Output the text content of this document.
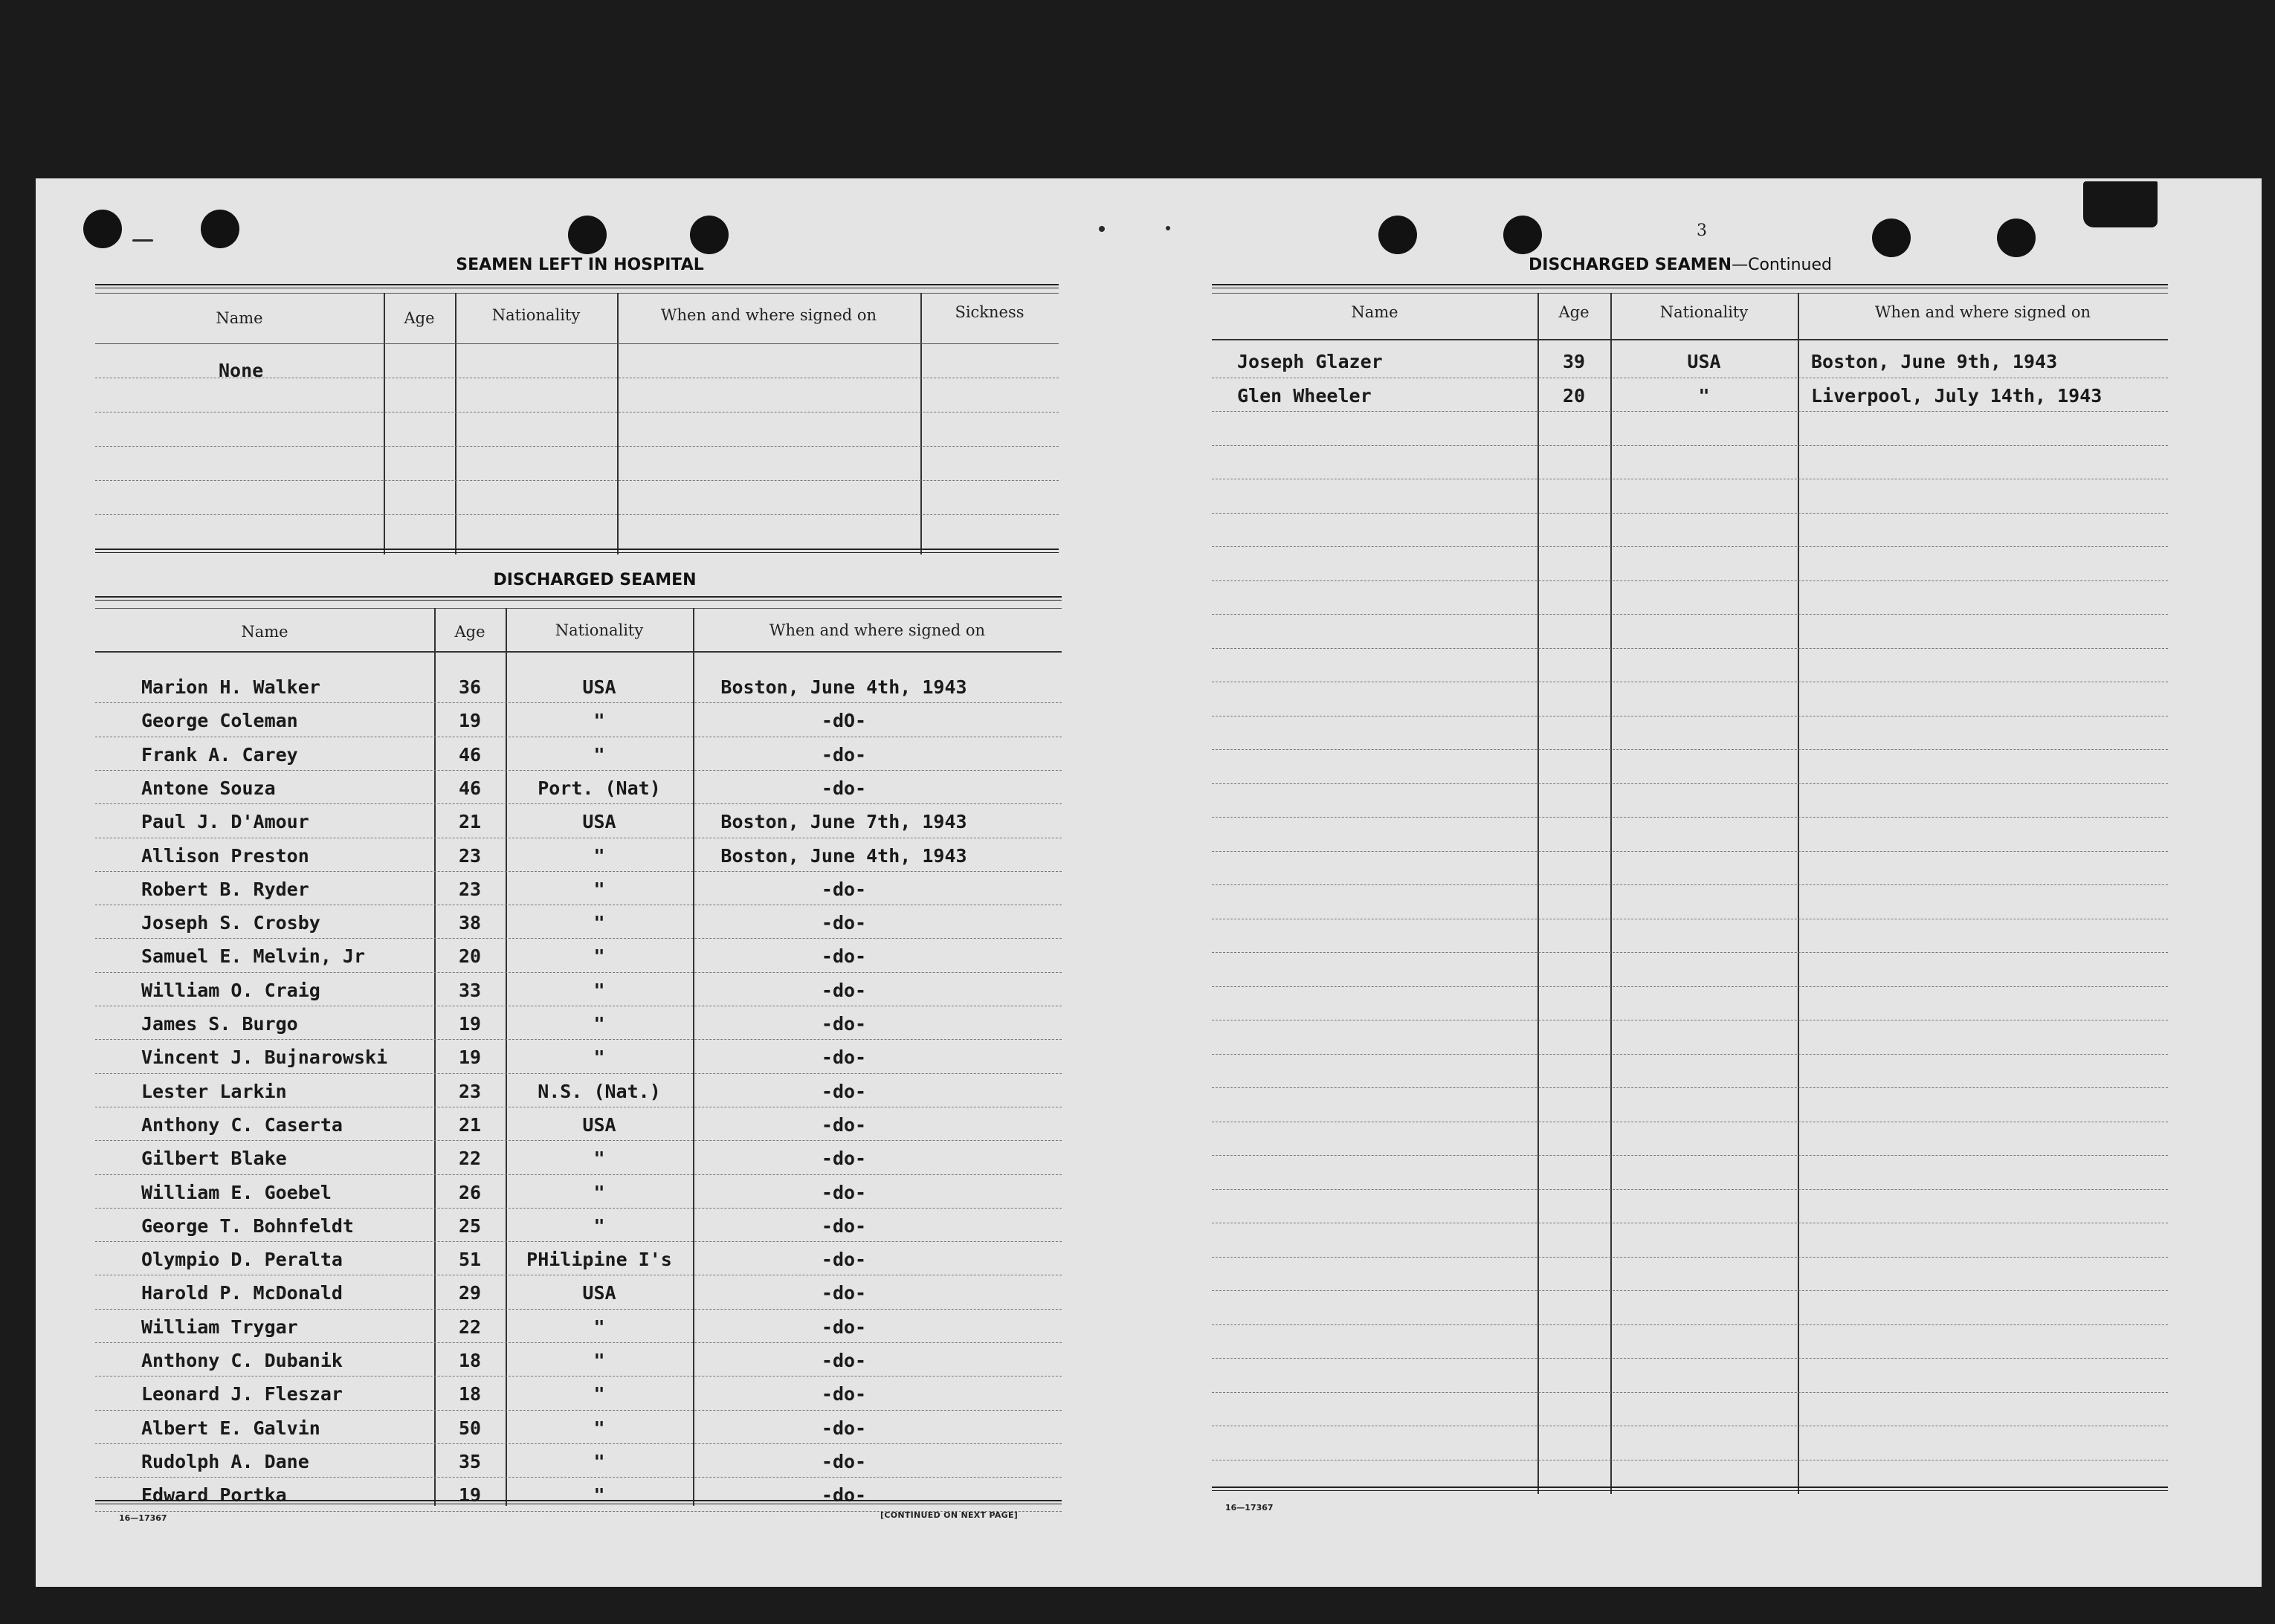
3
SEAMEN LEFT IN HOSPITAL
Name	Age	Nationality	When and where signed on	Sickness
None
DISCHARGED SEAMEN
Name	Age	Nationality	When and where signed on
Marion H. Walker	36	USA	Boston, June 4th, 1943
George Coleman	19	"	-dO-
Frank A. Carey	46	"	-do-
Antone Souza	46	Port. (Nat)	-do-
Paul J. D'Amour	21	USA	Boston, June 7th, 1943
Allison Preston	23	"	Boston, June 4th, 1943
Robert B. Ryder	23	"	-do-
Joseph S. Crosby	38	"	-do-
Samuel E. Melvin, Jr	20	"	-do-
William O. Craig	33	"	-do-
James S. Burgo	19	"	-do-
Vincent J. Bujnarowski	19	"	-do-
Lester Larkin	23	N.S. (Nat.)	-do-
Anthony C. Caserta	21	USA	-do-
Gilbert Blake	22	"	-do-
William E. Goebel	26	"	-do-
George T. Bohnfeldt	25	"	-do-
Olympio D. Peralta	51	PHilipine I's	-do-
Harold P. McDonald	29	USA	-do-
William Trygar	22	"	-do-
Anthony C. Dubanik	18	"	-do-
Leonard J. Fleszar	18	"	-do-
Albert E. Galvin	50	"	-do-
Rudolph A. Dane	35	"	-do-
Edward Portka	19	"	-do-
16—17367	[CONTINUED ON NEXT PAGE]
DISCHARGED SEAMEN—Continued
Name	Age	Nationality	When and where signed on
Joseph Glazer	39	USA	Boston, June 9th, 1943
Glen Wheeler	20	"	Liverpool, July 14th, 1943
16—17367
